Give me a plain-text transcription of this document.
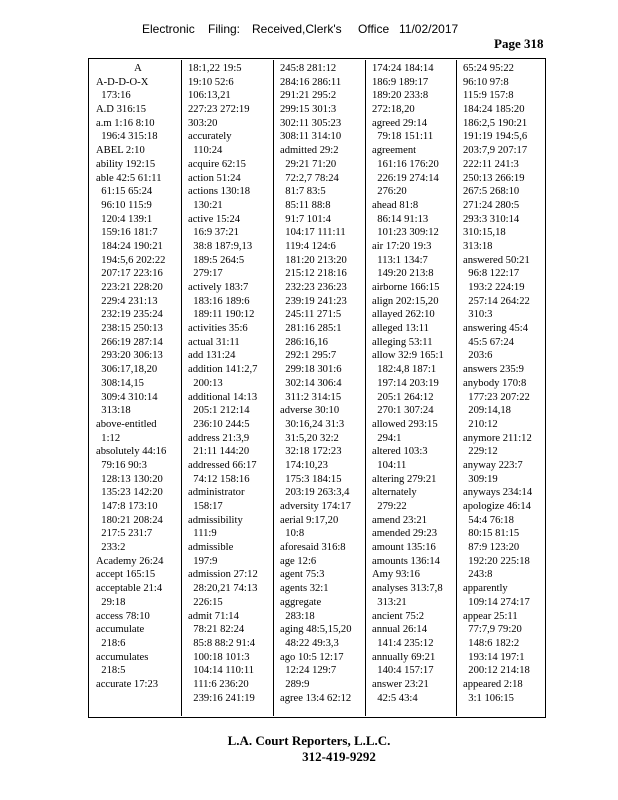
Electronic Filing: Received,Clerk's Office 11/02/2017
Page 318
A
A-D-D-O-X
173:16
A.D 316:15
a.m 1:16 8:10
196:4 315:18
ABEL 2:10
ability 192:15
able 42:5 61:11
61:15 65:24
96:10 115:9
120:4 139:1
159:16 181:7
184:24 190:21
194:5,6 202:22
207:17 223:16
223:21 228:20
229:4 231:13
232:19 235:24
238:15 250:13
266:19 287:14
293:20 306:13
306:17,18,20
308:14,15
309:4 310:14
313:18
above-entitled
1:12
absolutely 44:16
79:16 90:3
128:13 130:20
135:23 142:20
147:8 173:10
180:21 208:24
217:5 231:7
233:2
Academy 26:24
accept 165:15
acceptable 21:4
29:18
access 78:10
accumulate
218:6
accumulates
218:5
accurate 17:23
18:1,22 19:5
19:10 52:6
106:13,21
227:23 272:19
303:20
accurately
110:24
acquire 62:15
action 51:24
actions 130:18
130:21
active 15:24
16:9 37:21
38:8 187:9,13
189:5 264:5
279:17
actively 183:7
183:16 189:6
189:11 190:12
activities 35:6
actual 31:11
add 131:24
addition 141:2,7
200:13
additional 14:13
205:1 212:14
236:10 244:5
address 21:3,9
21:11 144:20
addressed 66:17
74:12 158:16
administrator
158:17
admissibility
111:9
admissible
197:9
admission 27:12
28:20,21 74:13
226:15
admit 71:14
78:21 82:24
85:8 88:2 91:4
100:18 101:3
104:14 110:11
111:6 236:20
239:16 241:19
245:8 281:12
284:16 286:11
291:21 295:2
299:15 301:3
302:11 305:23
308:11 314:10
admitted 29:2
29:21 71:20
72:2,7 78:24
81:7 83:5
85:11 88:8
91:7 101:4
104:17 111:11
119:4 124:6
181:20 213:20
215:12 218:16
232:23 236:23
239:19 241:23
245:11 271:5
281:16 285:1
286:16,16
292:1 295:7
299:18 301:6
302:14 306:4
311:2 314:15
adverse 30:10
30:16,24 31:3
31:5,20 32:2
32:18 172:23
174:10,23
175:3 184:15
203:19 263:3,4
adversity 174:17
aerial 9:17,20
10:8
aforesaid 316:8
age 12:6
agent 75:3
agents 32:1
aggregate
283:18
aging 48:5,15,20
48:22 49:3,3
ago 10:5 12:17
12:24 129:7
289:9
agree 13:4 62:12
174:24 184:14
186:9 189:17
189:20 233:8
272:18,20
agreed 29:14
79:18 151:11
agreement
161:16 176:20
226:19 274:14
276:20
ahead 81:8
86:14 91:13
101:23 309:12
air 17:20 19:3
113:1 134:7
149:20 213:8
airborne 166:15
align 202:15,20
allayed 262:10
alleged 13:11
alleging 53:11
allow 32:9 165:1
182:4,8 187:1
197:14 203:19
205:1 264:12
270:1 307:24
allowed 293:15
294:1
altered 103:3
104:11
altering 279:21
alternately
279:22
amend 23:21
amended 29:23
amount 135:16
amounts 136:14
Amy 93:16
analyses 313:7,8
313:21
ancient 75:2
annual 26:14
141:4 235:12
annually 69:21
140:4 157:17
answer 23:21
42:5 43:4
65:24 95:22
96:10 97:8
115:9 157:8
184:24 185:20
186:2,5 190:21
191:19 194:5,6
203:7,9 207:17
222:11 241:3
250:13 266:19
267:5 268:10
271:24 280:5
293:3 310:14
310:15,18
313:18
answered 50:21
96:8 122:17
193:2 224:19
257:14 264:22
310:3
answering 45:4
45:5 67:24
203:6
answers 235:9
anybody 170:8
177:23 207:22
209:14,18
210:12
anymore 211:12
229:12
anyway 223:7
309:19
anyways 234:14
apologize 46:14
54:4 76:18
80:15 81:15
87:9 123:20
192:20 225:18
243:8
apparently
109:14 274:17
appear 25:11
77:7,9 79:20
148:6 182:2
193:14 197:1
200:12 214:18
appeared 2:18
3:1 106:15
L.A. Court Reporters, L.L.C.
312-419-9292
